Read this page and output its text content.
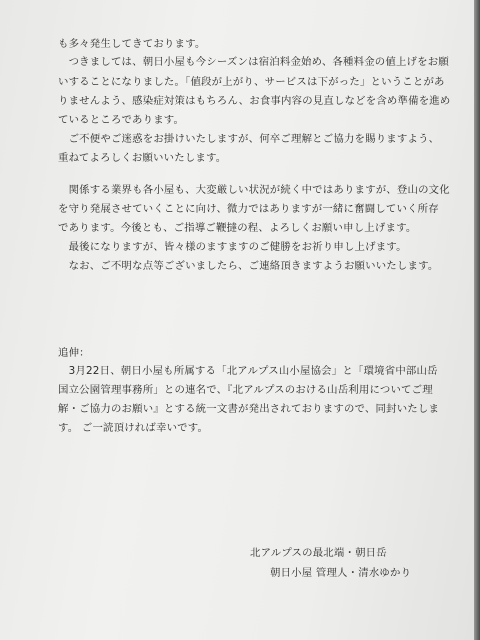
も多々発生してきております。

　つきましては、朝日小屋も今シーズンは宿泊料金始め、各種料金の値上げをお願

いすることになりました。「値段が上がり、サービスは下がった」ということがあ

りませんよう、感染症対策はもちろん、お食事内容の見直しなどを含め準備を進め

ているところであります。

　ご不便やご迷惑をお掛けいたしますが、何卒ご理解とご協力を賜りますよう、

重ねてよろしくお願いいたします。

　関係する業界も各小屋も、大変厳しい状況が続く中ではありますが、登山の文化

を守り発展させていくことに向け、微力ではありますが一緒に奮闘していく所存

であります。今後とも、ご指導ご鞭撻の程、よろしくお願い申し上げます。

　最後になりますが、皆々様のますますのご健勝をお祈り申し上げます。

　なお、ご不明な点等ございましたら、ご連絡頂きますようお願いいたします。

追伸：

　3月22日、朝日小屋も所属する「北アルプス山小屋協会」と「環境省中部山岳

国立公園管理事務所」との連名で、『北アルプスのおける山岳利用についてご理

解・ご協力のお願い』とする統一文書が発出されておりますので、同封いたしま

す。 ご一読頂ければ幸いです。

北アルプスの最北端・朝日岳

朝日小屋 管理人・清水ゆかり
